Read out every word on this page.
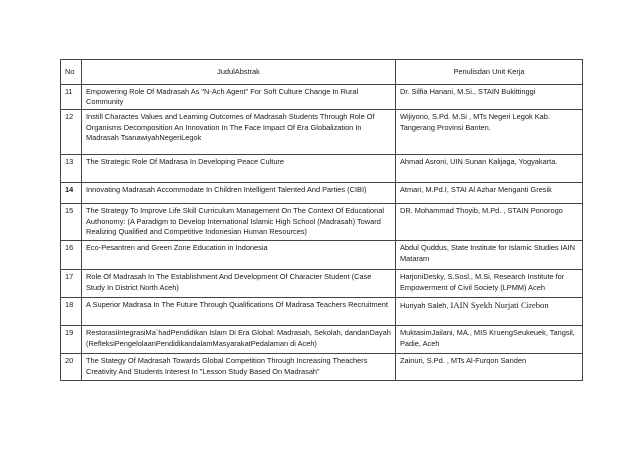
No	JudulAbstrak	Penulisdan Unit Kerja
11	Empowering Role Of Madrasah As "N-Ach Agent" For Soft Culture Change In Rural Community	Dr. Silfia Hanani, M.Si., STAIN Bukittinggi
12	Instill Charactes Values and Learning Outcomes of Madrasah Students Through Role Of Organisms Decomposition An Innovation In The Face Impact Of Era Globalization In Madrasah TsanawiyahNegeriLegok	Wijiyono, S.Pd. M.Si , MTs Negeri Legok Kab. Tangerang Provinsi Banten.
13	The Strategic Role Of Madrasa In Developing Peace Culture	Ahmad Asroni, UIN Sunan Kalijaga, Yogyakarta.
14	Innovating Madrasah Accommodate In Children Intelligent Talented And Parties (CIBI)	Atmari, M.Pd.I, STAI Al Azhar Menganti Gresik
15	The Strategy To Improve Life Skill Curriculum Management On The Context Of Educational Authonomy: (A Paradigm to Develop International Islamic High School (Madrasah) Toward Realizing Qualified and Competitive Indonesian Human Resources)	DR. Mohammad Thoyib, M.Pd. , STAIN Ponorogo
16	Eco-Pesantren and Green Zone Education in Indonesia	Abdul Quddus, State Institute for Islamic Studies IAIN Mataram
17	Role Of Madrasah In The Establishment And Development Of Character Student (Case Study In District North Aceh)	HarjoniDesky, S.Sosl., M.Si, Research Institute for Empowerment of Civil Society (LPMM) Aceh
18	A Superior Madrasa In The Future Through Qualifications Of Madrasa Teachers Recruitment	Huriyah Saleh, IAIN Syekh Nurjati Cirebon
19	RestorasiIntegrasiMa`hadPendidikan Islam Di Era Global: Madrasah, Sekolah, dandanDayah (RefleksiPengelolaanPendidikandalamMasyarakatPedalaman di Aceh)	MuktasimJailani, MA., MIS KruengSeukeuek, Tangsil, Padie, Aceh
20	The Stategy Of Madrasah Towards Global Competition Through Increasing Theachers Creativity And Students Interest In "Lesson Study Based On Madrasah"	Zainuri, S.Pd. , MTs Al-Furqon Sanden
